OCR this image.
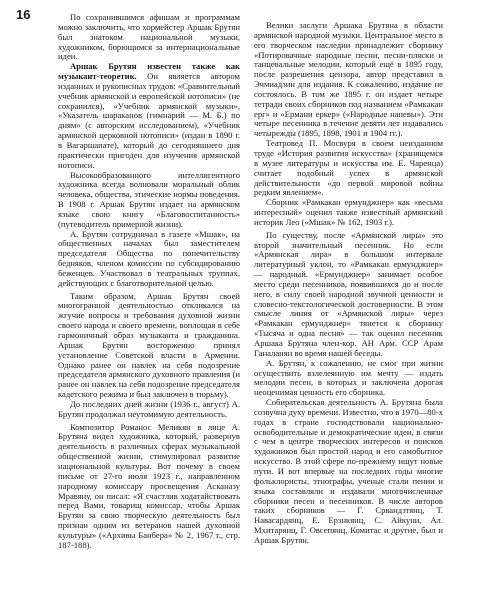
16	По сохранившимся афишам и программам можно заключить, что хормейстер Аршак Брутян был знатоком национальной музыки, художником, борющимся за интернациональные идеи.

Аршак Брутян известен также как музыкант-теоретик. Он является автором изданных и рукописных трудов: «Сравнительный учебник армянской и европейской нотописи» (не сохранился), «Учебник армянской музыки», «Указатель шараканов (гимнарий — М. Б.) по дням» (с авторским исследованием), «Учебник армянской церковной нотописи» (издан в 1890 г. в Вагаршапате), который до сегодняшнего дня практически пригоден для изучения армянской нотописи.

Высокообразованного интеллигентного художника всегда волновали моральный облик человека, общества, этические нормы поведения. В 1908 г. Аршак Брутян издает на армянском языке свою книгу «Благовоспитанность» (путеводитель примерной жизни).

А. Брутян сотрудничал в газете «Мшак», на общественных началах был заместителем председателя Общества по попечительству бедняков, членом комиссии по субсидированию беженцев. Участвовал в театральных труппах, действующих с благотворительной целью.

Таким образом, Аршак Брутян своей многогранной деятельностью откликался на жгучие вопросы и требования духовной жизни своего народа и своего времени, воплощая в себе гармоничный образ музыканта и гражданина. Аршак Брутян восторженно принял установление Советской власти в Армении. Однако ранее он навлек на себя подозрение председателя армянского духовного правления (и ранее он навлек на себя подозрение председателя кадетского режима и был заключен в тюрьму).

До последних дней жизни (1936 г., август) А. Брутян продолжал неутомимую деятельность.

Композитор Романос Меликян в лице А. Брутяна видел художника, который, развернув деятельность в различных сферах музыкальной общественной жизни, стимулировал развитие национальной культуры. Вот почему в своем письме от 27-го июля 1923 г., направленном народному комиссару просвещения Асканазу Мравяну, он писал: «Я счастлив ходатайствовать перед Вами, товарищ комиссар, чтобы Аршак Брутян за свою творческую деятельность был признан одним из ветеранов нашей духовной культуры» («Архивы Банбера» № 2, 1967 г., стр. 187-188).

Велики заслуги Аршака Брутяна в области армянской народной музыки. Центральное место в его творческом наследии принадлежит сборнику «Потировачные народные песни, песни-пляски и танцевальные мелодии, который ещё в 1895 году, после разрешения цензора, автор представил в Эчмиадзин для издания. К сожалению, издание не состоялось. В том же 1895 г. он издает четыре тетради своих сборников под названием «Рамкакан ерг» и «Ермани еркер» («Народные напевы»). Эти четыре песенника в течение девяти лет издавались четырежды (1895, 1898, 1901 и 1904 гг.).

Театровед П. Мосвуря в своем неизданном труде «История развития искусства» (хранящемся в музее литературы и искусства им. Е. Чаренца) считает подобный успех в армянской действительности «до первой мировой войны редким явлением».

Сборник «Рамкакан ермунджнер» как «весьма интересный» оценил также известный армянский историк Лео («Мшак» № 162, 1903 г.).

По существу, после «Армянской лиры» это второй значительный песенник. Но если «Армянская лира» в большом интервале литературный уклон, то «Рамкакан ермунджнер» — народный. «Ермунджнер» занимает особое место среди песенников, появившихся до и после него, в силу своей народной звучной ценности и словесно-текстологической достоверности. В этом смысле линия от «Армянской лиры» через «Рамкакан ермунджнер» тянется к сборнику «Тысяча и одна песня» — так оценил песенник Аршака Брутяна член-кор. АН Арм. ССР Арам Ганаланян во время нашей беседы.

А. Брутян, к сожалению, не смог при жизни осуществить взлелеянную им мечту — издать мелодии песен, в которых и заключена дорогая неоценимая ценность его сборника.

Собирательская деятельность А. Брутяна была созвучна духу времени. Известно, что в 1970—80-х годах в стране господствовали национально-освободительные и демократические идеи, в связи с чем в центре творческих интересов и поисков художников был простой народ и его самобытное искусство. В этой сфере по-прежнему ищут новые пути. И вот впервые на последних годы многие фольклористы, этнографы, ученые стали пении и языка составляли и издавали многочисленные сборники песен и песенников. В числе авторов таких сборников — Г. Срвандзтянц, Т. Навасардянц, Е. Ерзнкянц, С. Айкуни, Ал. Мхитарянц, Г. Овсепянц, Комитас и другие, был и Аршак Брутян.
